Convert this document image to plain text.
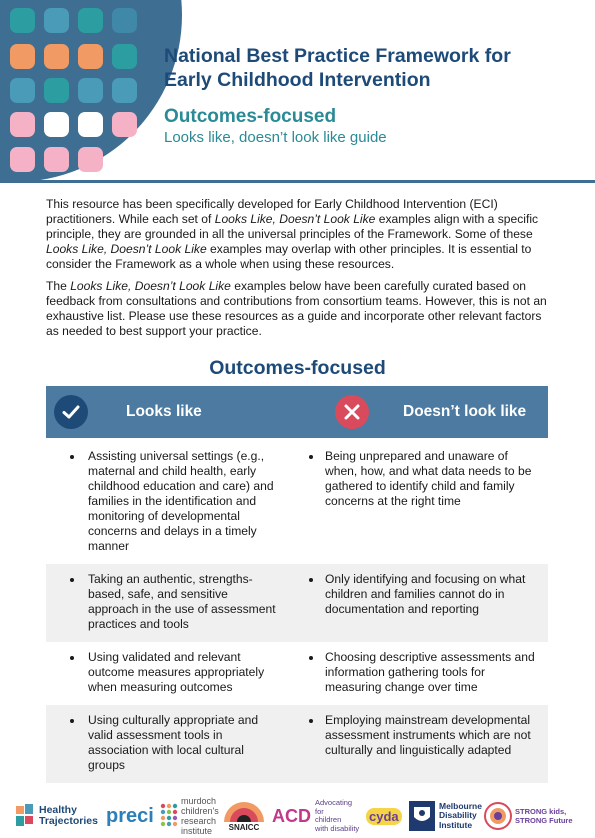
National Best Practice Framework for
Early Childhood Intervention
Outcomes-focused
Looks like, doesn’t look like guide

This resource has been specifically developed for Early Childhood Intervention (ECI) practitioners. While each set of Looks Like, Doesn’t Look Like examples align with a specific principle, they are grounded in all the universal principles of the Framework. Some of these Looks Like, Doesn’t Look Like examples may overlap with other principles. It is essential to consider the Framework as a whole when using these resources.

The Looks Like, Doesn’t Look Like examples below have been carefully curated based on feedback from consultations and contributions from consortium teams. However, this is not an exhaustive list. Please use these resources as a guide and incorporate other relevant factors as needed to best support your practice.

Outcomes-focused
Looks like	Doesn’t look like
Assisting universal settings (e.g., maternal and child health, early childhood education and care) and families in the identification and monitoring of developmental concerns and delays in a timely manner
Being unprepared and unaware of when, how, and what data needs to be gathered to identify child and family concerns at the right time
Taking an authentic, strengths-based, safe, and sensitive approach in the use of assessment practices and tools
Only identifying and focusing on what children and families cannot do in documentation and reporting
Using validated and relevant outcome measures appropriately when measuring outcomes
Choosing descriptive assessments and information gathering tools for measuring change over time
Using culturally appropriate and valid assessment tools in association with local cultural groups
Employing mainstream developmental assessment instruments which are not culturally and linguistically adapted
Healthy
Trajectories preci
murdoch
children's
research
institute	SNAICC
ACD
Advocating
for
children
with disability
cyda
Melbourne
Disability
Institute
STRONG kids,
STRONG Future
